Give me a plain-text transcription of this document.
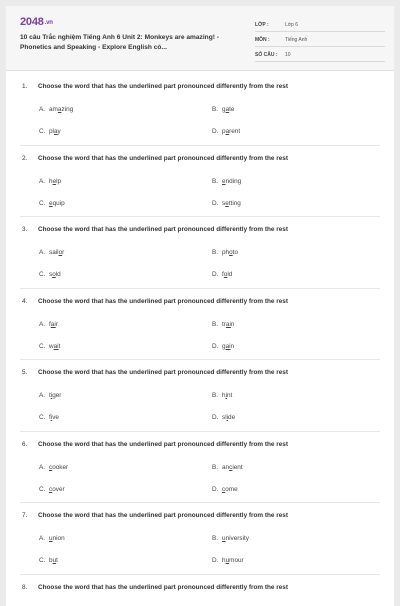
2048.vn
10 câu Trắc nghiệm Tiếng Anh 6 Unit 2: Monkeys are amazing! - Phonetics and Speaking - Explore English có...
LỚP :	Lớp 6
MÔN :	Tiếng Anh
SỐ CÂU : 10
1. Choose the word that has the underlined part pronounced differently from the rest
A. amazing	B. gate
C. play	D. parent
2. Choose the word that has the underlined part pronounced differently from the rest
A. help	B. ending
C. equip	D. setting
3. Choose the word that has the underlined part pronounced differently from the rest
A. sailor	B. photo
C. sold	D. fold
4. Choose the word that has the underlined part pronounced differently from the rest
A. fair	B. train
C. wait	D. gain
5. Choose the word that has the underlined part pronounced differently from the rest
A. tiger	B. hint
C. five	D. slide
6. Choose the word that has the underlined part pronounced differently from the rest
A. cooker	B. ancient
C. cover	D. come
7. Choose the word that has the underlined part pronounced differently from the rest
A. union	B. university
C. but	D. humour
8. Choose the word that has the underlined part pronounced differently from the rest
